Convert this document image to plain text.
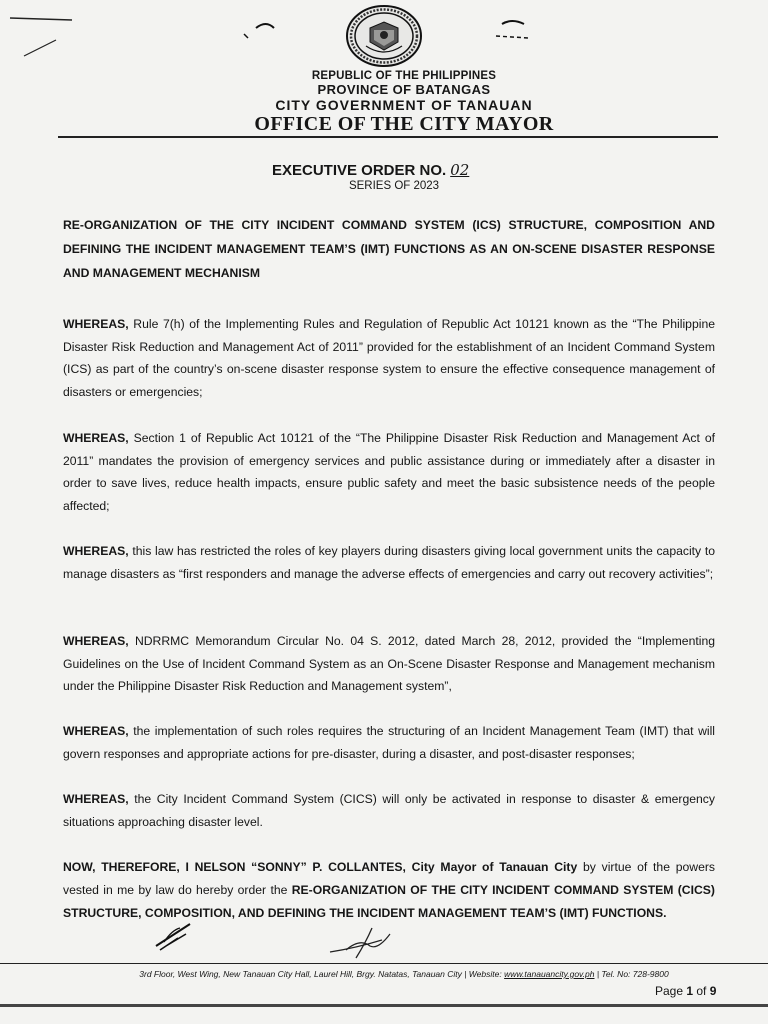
REPUBLIC OF THE PHILIPPINES
PROVINCE OF BATANGAS
CITY GOVERNMENT OF TANAUAN
OFFICE OF THE CITY MAYOR
EXECUTIVE ORDER NO. 02
SERIES OF 2023
RE-ORGANIZATION OF THE CITY INCIDENT COMMAND SYSTEM (ICS) STRUCTURE, COMPOSITION AND DEFINING THE INCIDENT MANAGEMENT TEAM’S (IMT) FUNCTIONS AS AN ON-SCENE DISASTER RESPONSE AND MANAGEMENT MECHANISM
WHEREAS, Rule 7(h) of the Implementing Rules and Regulation of Republic Act 10121 known as the “The Philippine Disaster Risk Reduction and Management Act of 2011” provided for the establishment of an Incident Command System (ICS) as part of the country’s on-scene disaster response system to ensure the effective consequence management of disasters or emergencies;
WHEREAS, Section 1 of Republic Act 10121 of the “The Philippine Disaster Risk Reduction and Management Act of 2011” mandates the provision of emergency services and public assistance during or immediately after a disaster in order to save lives, reduce health impacts, ensure public safety and meet the basic subsistence needs of the people affected;
WHEREAS, this law has restricted the roles of key players during disasters giving local government units the capacity to manage disasters as “first responders and manage the adverse effects of emergencies and carry out recovery activities”;
WHEREAS, NDRRMC Memorandum Circular No. 04 S. 2012, dated March 28, 2012, provided the “Implementing Guidelines on the Use of Incident Command System as an On-Scene Disaster Response and Management mechanism under the Philippine Disaster Risk Reduction and Management system”,
WHEREAS, the implementation of such roles requires the structuring of an Incident Management Team (IMT) that will govern responses and appropriate actions for pre-disaster, during a disaster, and post-disaster responses;
WHEREAS, the City Incident Command System (CICS) will only be activated in response to disaster & emergency situations approaching disaster level.
NOW, THEREFORE, I NELSON “SONNY” P. COLLANTES, City Mayor of Tanauan City by virtue of the powers vested in me by law do hereby order the RE-ORGANIZATION OF THE CITY INCIDENT COMMAND SYSTEM (CICS) STRUCTURE, COMPOSITION, AND DEFINING THE INCIDENT MANAGEMENT TEAM’S (IMT) FUNCTIONS.
3rd Floor, West Wing, New Tanauan City Hall, Laurel Hill, Brgy. Natatas, Tanauan City | Website: www.tanauancity.gov.ph | Tel. No: 728-9800
Page 1 of 9
